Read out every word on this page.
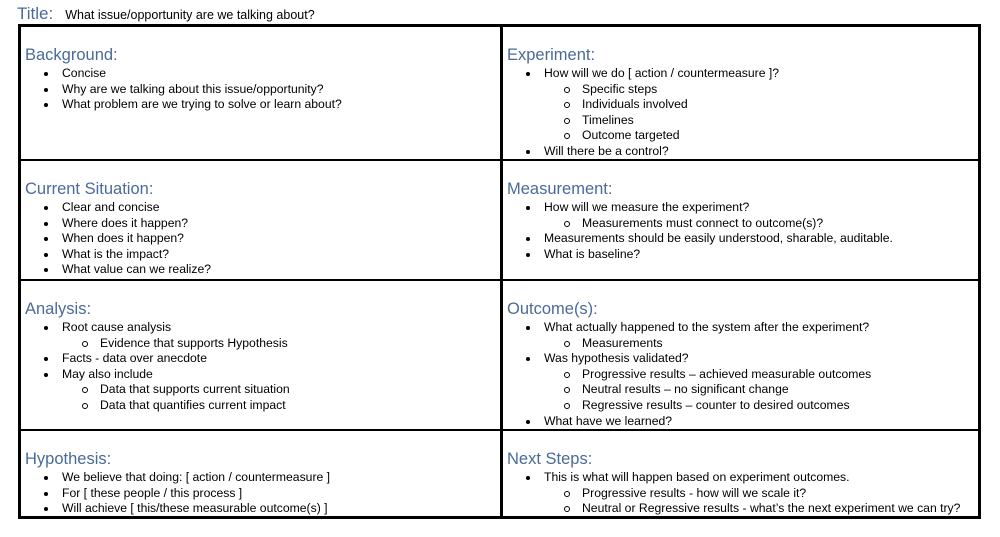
Title: What issue/opportunity are we talking about?
Background:
Concise
Why are we talking about this issue/opportunity?
What problem are we trying to solve or learn about?
Experiment:
How will we do [ action / countermeasure ]?
Specific steps
Individuals involved
Timelines
Outcome targeted
Will there be a control?
Current Situation:
Clear and concise
Where does it happen?
When does it happen?
What is the impact?
What value can we realize?
Measurement:
How will we measure the experiment?
Measurements must connect to outcome(s)?
Measurements should be easily understood, sharable, auditable.
What is baseline?
Analysis:
Root cause analysis
Evidence that supports Hypothesis
Facts - data over anecdote
May also include
Data that supports current situation
Data that quantifies current impact
Outcome(s):
What actually happened to the system after the experiment?
Measurements
Was hypothesis validated?
Progressive results – achieved measurable outcomes
Neutral results – no significant change
Regressive results – counter to desired outcomes
What have we learned?
Hypothesis:
We believe that doing: [ action / countermeasure ]
For [ these people / this process ]
Will achieve [ this/these measurable outcome(s) ]
Next Steps:
This is what will happen based on experiment outcomes.
Progressive results - how will we scale it?
Neutral or Regressive results - what’s the next experiment we can try?
